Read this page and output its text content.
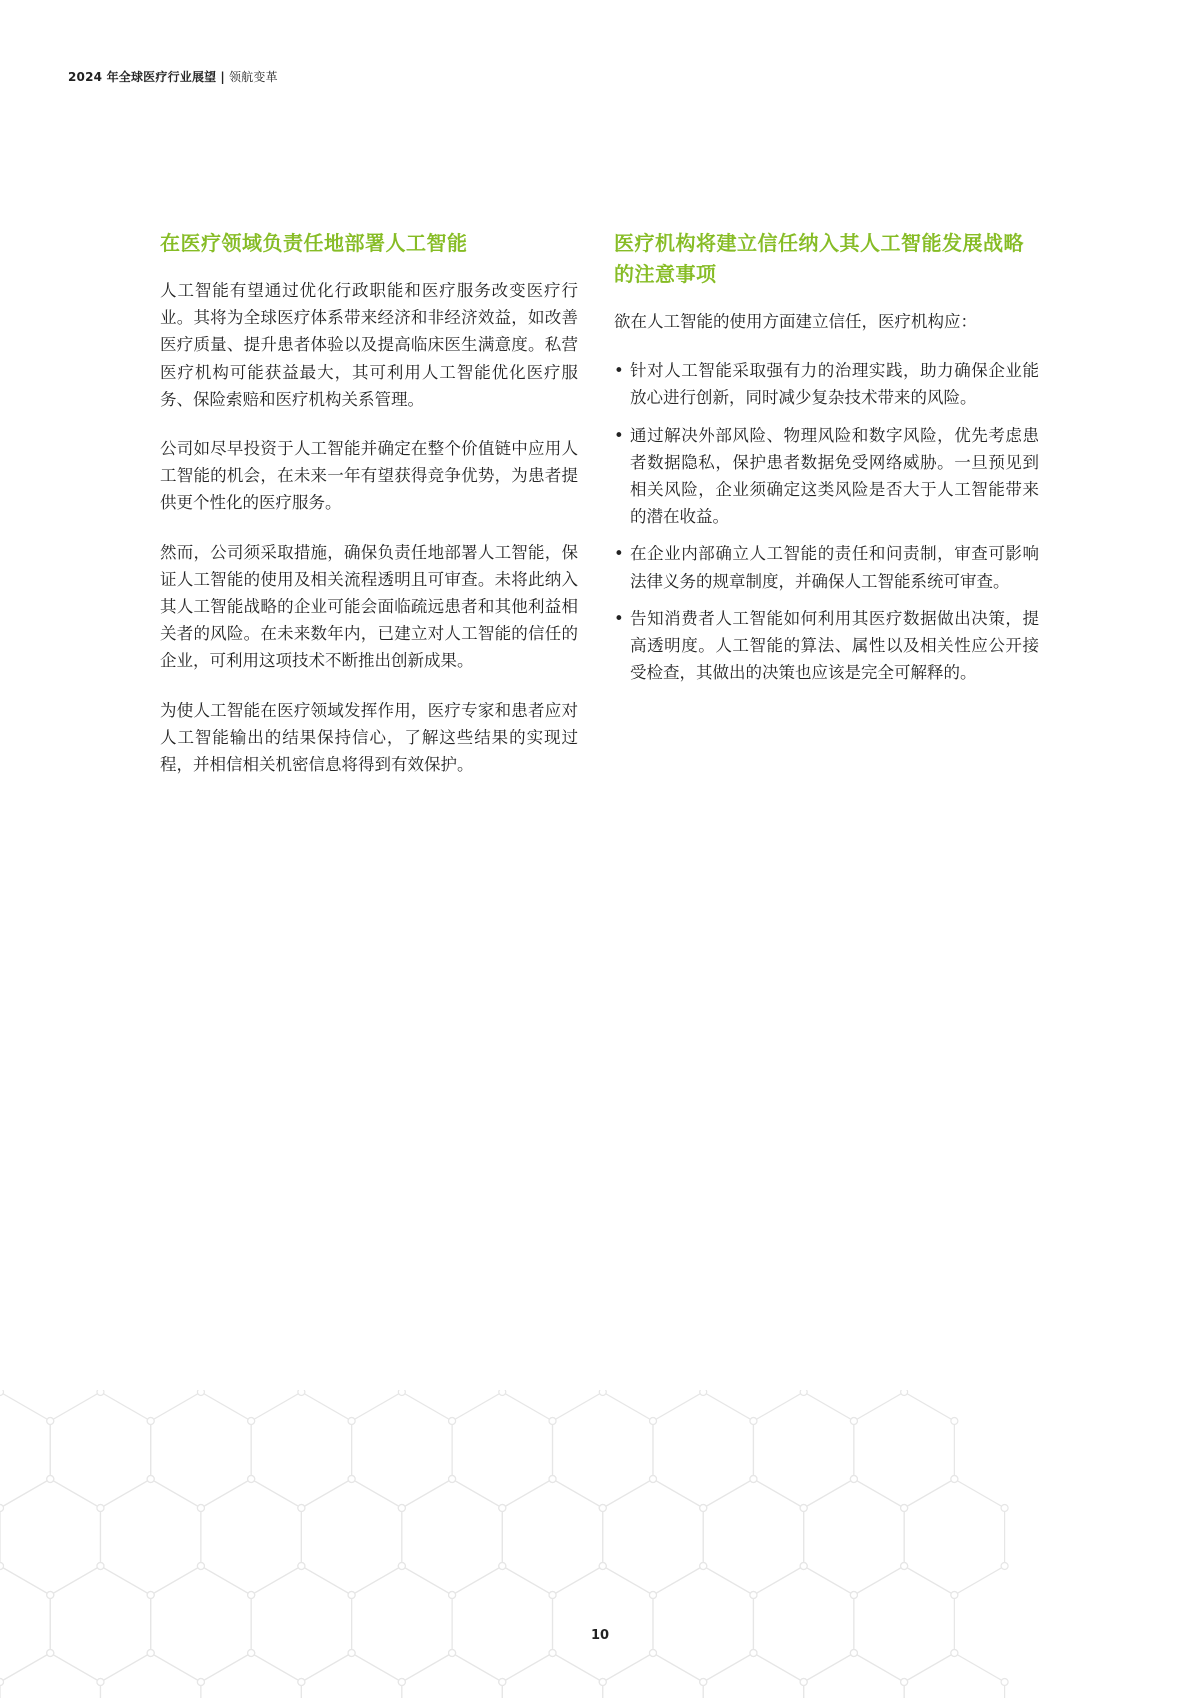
2024 年全球医疗行业展望 | 领航变革
在医疗领域负责任地部署人工智能

人工智能有望通过优化行政职能和医疗服务改变医疗行业。其将为全球医疗体系带来经济和非经济效益，如改善医疗质量、提升患者体验以及提高临床医生满意度。私营医疗机构可能获益最大，其可利用人工智能优化医疗服务、保险索赔和医疗机构关系管理。

公司如尽早投资于人工智能并确定在整个价值链中应用人工智能的机会，在未来一年有望获得竞争优势，为患者提供更个性化的医疗服务。

然而，公司须采取措施，确保负责任地部署人工智能，保证人工智能的使用及相关流程透明且可审查。未将此纳入其人工智能战略的企业可能会面临疏远患者和其他利益相关者的风险。在未来数年内，已建立对人工智能的信任的企业，可利用这项技术不断推出创新成果。

为使人工智能在医疗领域发挥作用，医疗专家和患者应对人工智能输出的结果保持信心，了解这些结果的实现过程，并相信相关机密信息将得到有效保护。

医疗机构将建立信任纳入其人工智能发展战略的注意事项

欲在人工智能的使用方面建立信任，医疗机构应：

• 针对人工智能采取强有力的治理实践，助力确保企业能放心进行创新，同时减少复杂技术带来的风险。
• 通过解决外部风险、物理风险和数字风险，优先考虑患者数据隐私，保护患者数据免受网络威胁。一旦预见到相关风险，企业须确定这类风险是否大于人工智能带来的潜在收益。
• 在企业内部确立人工智能的责任和问责制，审查可影响法律义务的规章制度，并确保人工智能系统可审查。
• 告知消费者人工智能如何利用其医疗数据做出决策，提高透明度。人工智能的算法、属性以及相关性应公开接受检查，其做出的决策也应该是完全可解释的。
10
